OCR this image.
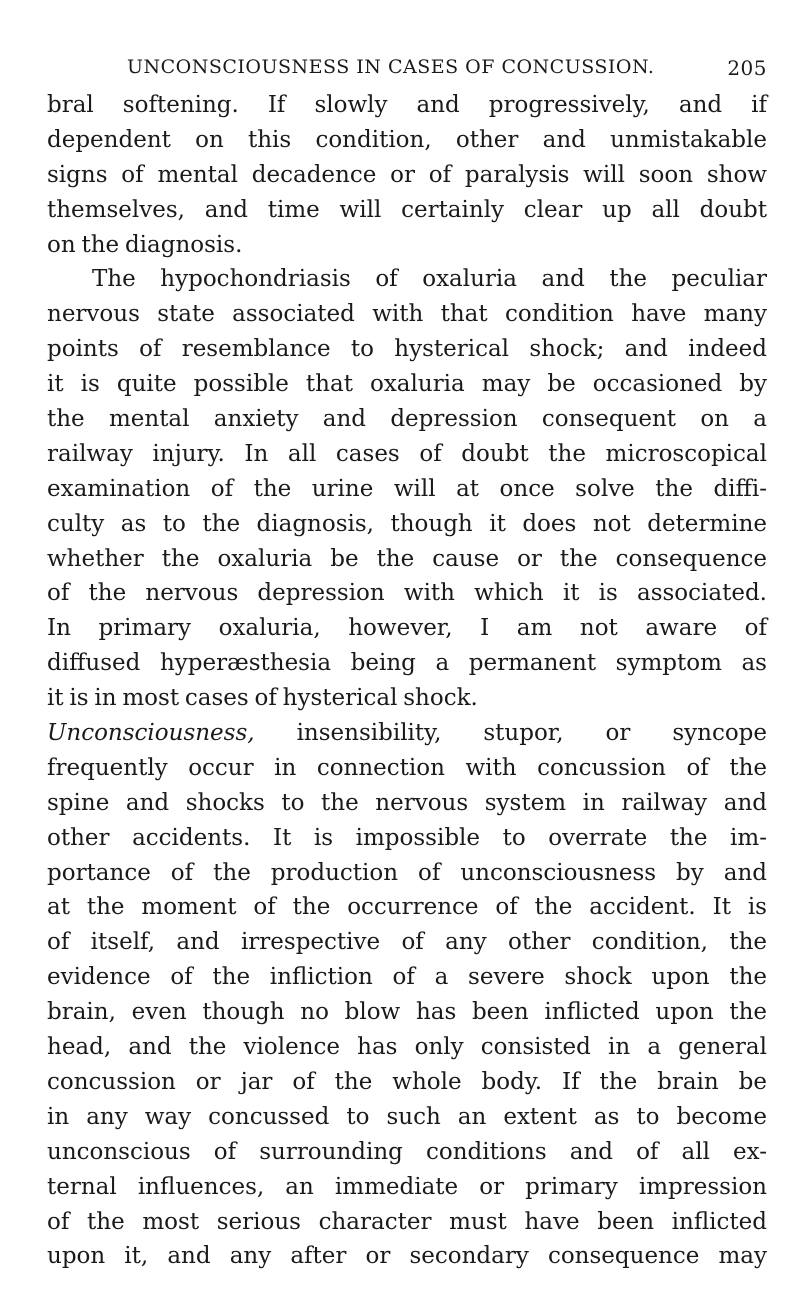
UNCONSCIOUSNESS IN CASES OF CONCUSSION.	205
bral softening. If slowly and progressively, and if
dependent on this condition, other and unmistakable
signs of mental decadence or of paralysis will soon show
themselves, and time will certainly clear up all doubt
on the diagnosis.
The hypochondriasis of oxaluria and the peculiar
nervous state associated with that condition have many
points of resemblance to hysterical shock; and indeed
it is quite possible that oxaluria may be occasioned by
the mental anxiety and depression consequent on a
railway injury. In all cases of doubt the microscopical
examination of the urine will at once solve the diffi-
culty as to the diagnosis, though it does not determine
whether the oxaluria be the cause or the consequence
of the nervous depression with which it is associated.
In primary oxaluria, however, I am not aware of
diffused hyperæsthesia being a permanent symptom as
it is in most cases of hysterical shock.
Unconsciousness, insensibility, stupor, or syncope
frequently occur in connection with concussion of the
spine and shocks to the nervous system in railway and
other accidents. It is impossible to overrate the im-
portance of the production of unconsciousness by and
at the moment of the occurrence of the accident. It is
of itself, and irrespective of any other condition, the
evidence of the infliction of a severe shock upon the
brain, even though no blow has been inflicted upon the
head, and the violence has only consisted in a general
concussion or jar of the whole body. If the brain be
in any way concussed to such an extent as to become
unconscious of surrounding conditions and of all ex-
ternal influences, an immediate or primary impression
of the most serious character must have been inflicted
upon it, and any after or secondary consequence may
